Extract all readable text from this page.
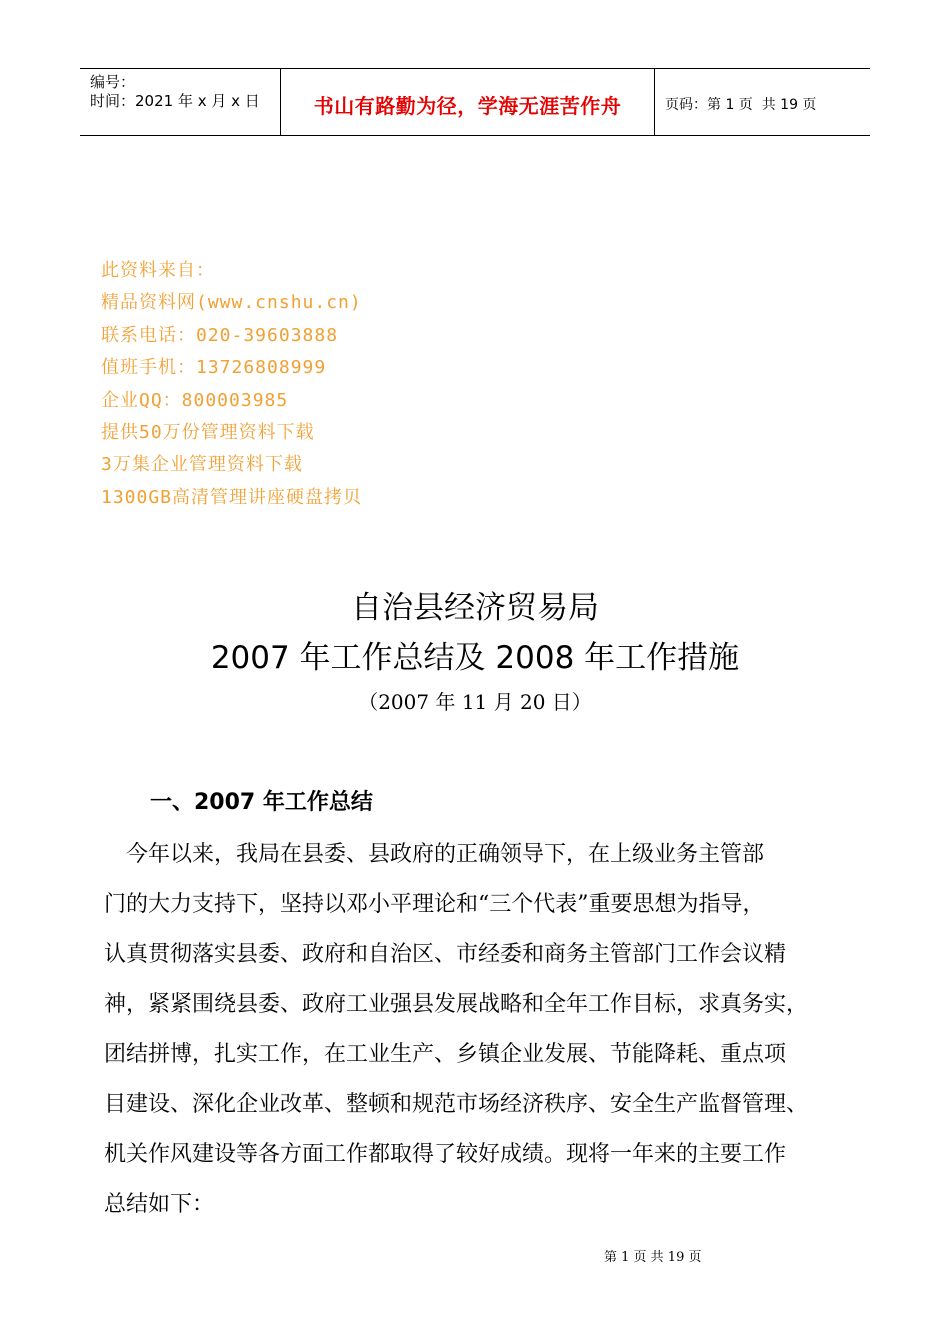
编号：
时间：2021 年 x 月 x 日	书山有路勤为径，学海无涯苦作舟	页码：第 1 页  共 19 页
此资料来自：
精品资料网(www.cnshu.cn)
联系电话：020-39603888
值班手机：13726808999
企业QQ：800003985
提供50万份管理资料下载
3万集企业管理资料下载
1300GB高清管理讲座硬盘拷贝
自治县经济贸易局
2007 年工作总结及 2008 年工作措施
（2007 年 11 月 20 日）
一、2007 年工作总结
　今年以来，我局在县委、县政府的正确领导下，在上级业务主管部
门的大力支持下，坚持以邓小平理论和“三个代表”重要思想为指导，
认真贯彻落实县委、政府和自治区、市经委和商务主管部门工作会议精
神，紧紧围绕县委、政府工业强县发展战略和全年工作目标，求真务实，
团结拼博，扎实工作，在工业生产、乡镇企业发展、节能降耗、重点项
目建设、深化企业改革、整顿和规范市场经济秩序、安全生产监督管理、
机关作风建设等各方面工作都取得了较好成绩。现将一年来的主要工作
总结如下：
第 1 页 共 19 页
